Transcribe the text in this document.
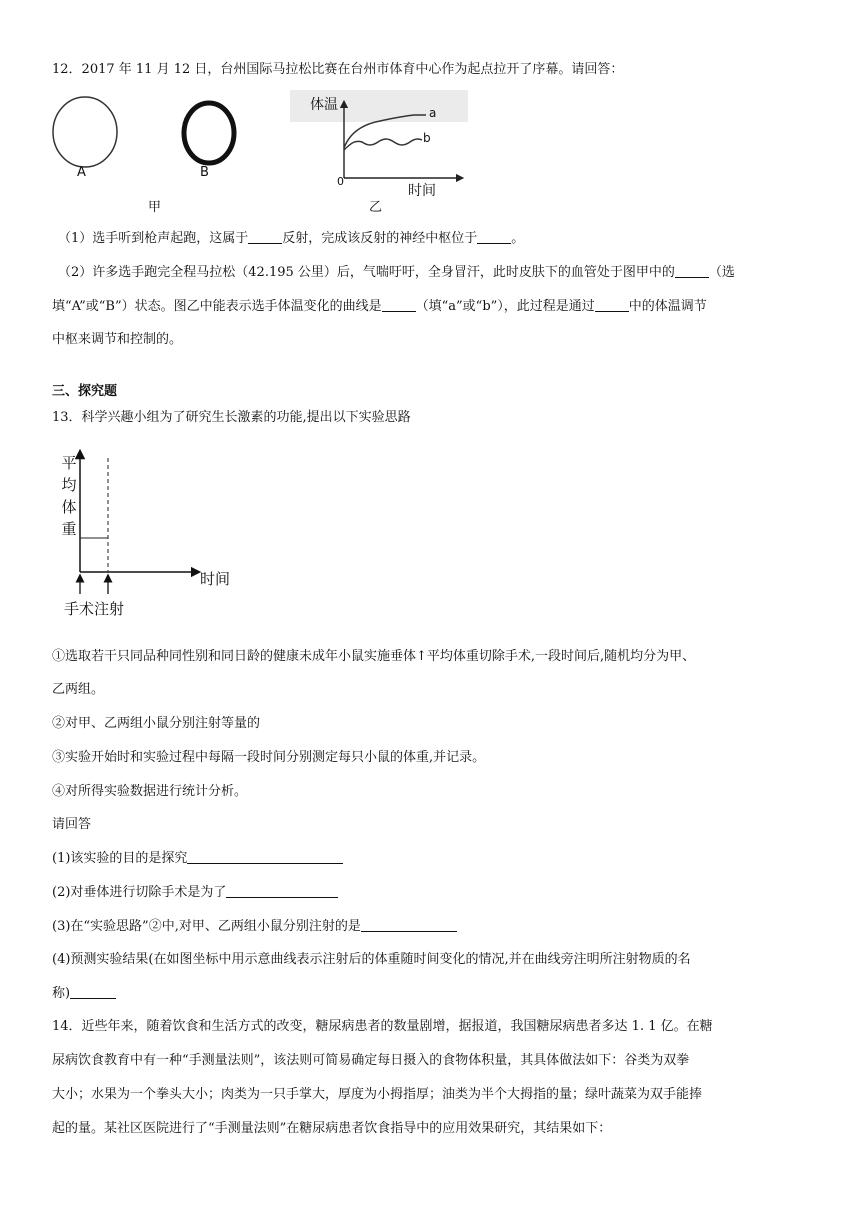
12．2017 年 11 月 12 日，台州国际马拉松比赛在台州市体育中心作为起点拉开了序幕。请回答：
A	B
甲
体温	a
b
0
时间
乙
（1）选手听到枪声起跑，这属于	反射，完成该反射的神经中枢位于	。
（2）许多选手跑完全程马拉松（42.195 公里）后，气喘吁吁，全身冒汗，此时皮肤下的血管处于图甲中的	（选
填“A”或“B”）状态。图乙中能表示选手体温变化的曲线是	（填“a”或“b”），此过程是通过	中的体温调节
中枢来调节和控制的。
三、探究题
13．科学兴趣小组为了研究生长激素的功能,提出以下实验思路
平
均
体
重
时间
手术注射
①选取若干只同品种同性别和同日龄的健康未成年小鼠实施垂体↑平均体重切除手术,一段时间后,随机均分为甲、
乙两组。
②对甲、乙两组小鼠分别注射等量的
③实验开始时和实验过程中每隔一段时间分别测定每只小鼠的体重,并记录。
④对所得实验数据进行统计分析。
请回答
(1)该实验的目的是探究
(2)对垂体进行切除手术是为了
(3)在“实验思路”②中,对甲、乙两组小鼠分别注射的是
(4)预测实验结果(在如图坐标中用示意曲线表示注射后的体重随时间变化的情况,并在曲线旁注明所注射物质的名
称)
14．近些年来，随着饮食和生活方式的改变，糖尿病患者的数量剧增，据报道，我国糖尿病患者多达 1. 1 亿。在糖
尿病饮食教育中有一种“手测量法则”，该法则可简易确定每日摄入的食物体积量，其具体做法如下：谷类为双拳
大小；水果为一个拳头大小；肉类为一只手掌大，厚度为小拇指厚；油类为半个大拇指的量；绿叶蔬菜为双手能捧
起的量。某社区医院进行了“手测量法则”在糖尿病患者饮食指导中的应用效果研究，其结果如下：
